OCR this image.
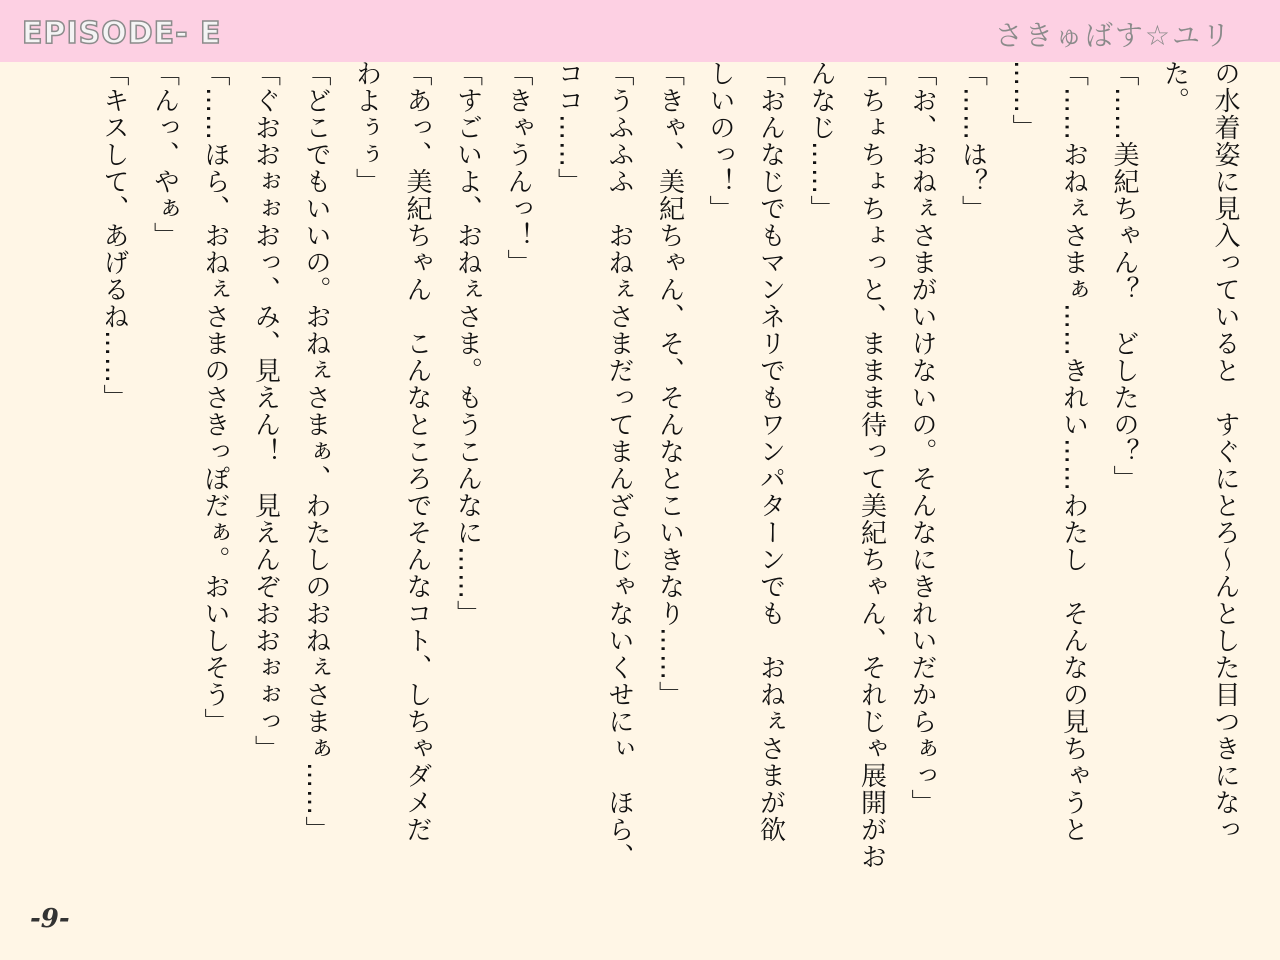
EPISODE- E	さきゅばす☆ユリ
の水着姿に見入っていると　すぐにとろ～んとした目つきになっ
た。
「……美紀ちゃん？　どしたの？」
「……おねぇさまぁ……きれい……わたし　そんなの見ちゃうと
……」
「……は？」
「お、おねぇさまがいけないの。そんなにきれいだからぁっ」
「ちょちょちょっと、ままま待って美紀ちゃん、それじゃ展開がお
んなじ……」
「おんなじでもマンネリでもワンパターンでも　おねぇさまが欲
しいのっ！」
「きゃ、美紀ちゃん、そ、そんなとこいきなり……」
「うふふふ　おねぇさまだってまんざらじゃないくせにぃ　ほら、
ココ……」
「きゃうんっ！」
「すごいよ、おねぇさま。もうこんなに……」
「あっ、美紀ちゃん　こんなところでそんなコト、しちゃダメだ
わよぅぅ」
「どこでもいいの。おねぇさまぁ、わたしのおねぇさまぁ……」
「ぐおおぉぉおっ、み、見えん！　見えんぞおおぉぉっ」
「……ほら、おねぇさまのさきっぽだぁ。おいしそう」
「んっ、やぁ」
「キスして、あげるね……」
-9-
